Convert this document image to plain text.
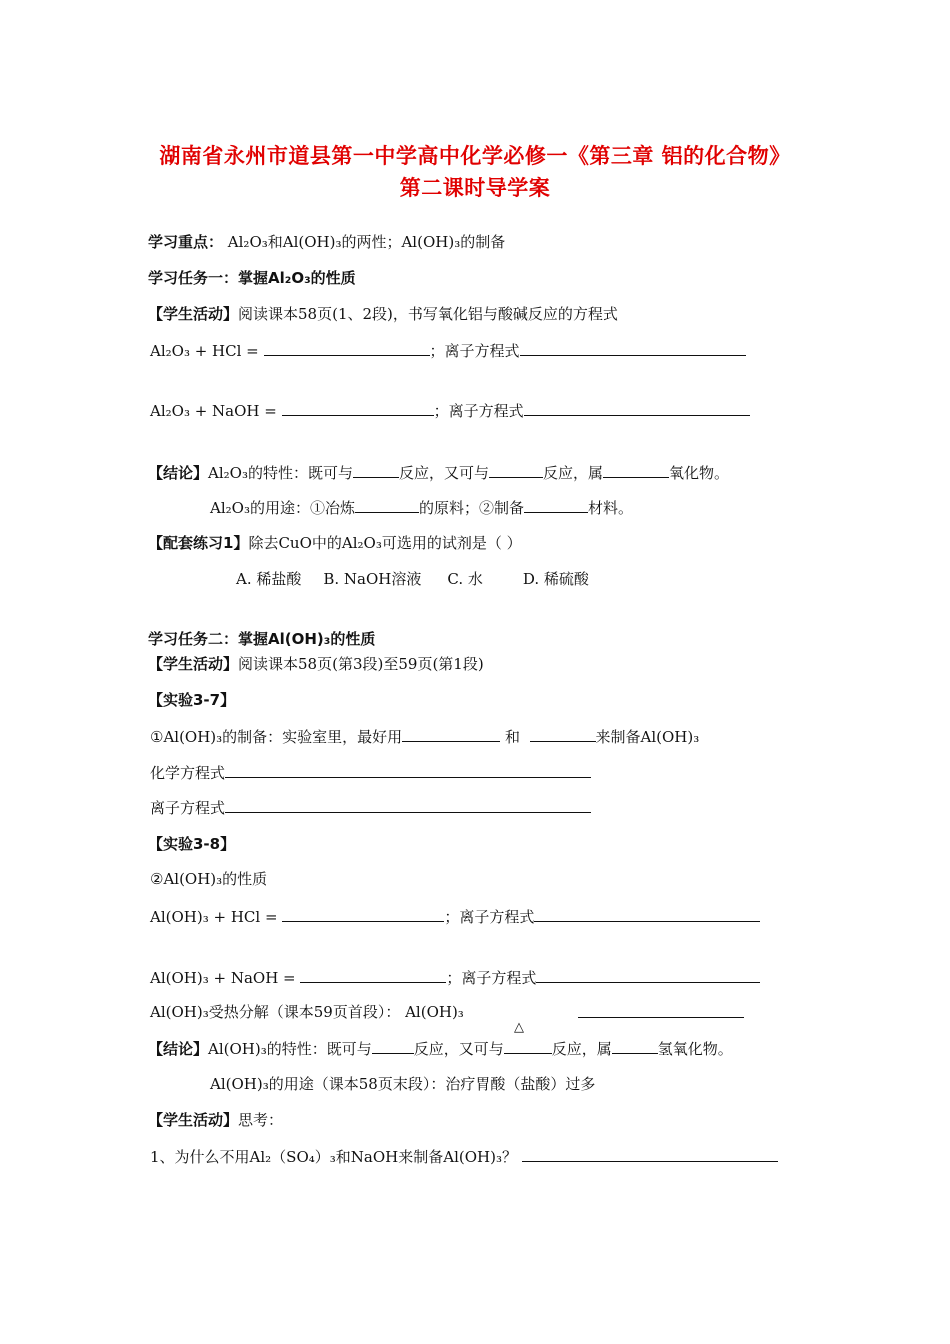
湖南省永州市道县第一中学高中化学必修一《第三章 铝的化合物》
第二课时导学案
学习重点： Al₂O₃和Al(OH)₃的两性；Al(OH)₃的制备
学习任务一：掌握Al₂O₃的性质
【学生活动】阅读课本58页(1、2段)，书写氧化铝与酸碱反应的方程式
Al₂O₃ + HCl =	；离子方程式
Al₂O₃ + NaOH =	；离子方程式
【结论】Al₂O₃的特性：既可与	反应，又可与	反应，属	氧化物。
Al₂O₃的用途：①冶炼	的原料；②制备	材料。
【配套练习1】除去CuO中的Al₂O₃可选用的试剂是（ ）
A. 稀盐酸 B. NaOH溶液 C. 水	D. 稀硫酸
学习任务二：掌握Al(OH)₃的性质
【学生活动】阅读课本58页(第3段)至59页(第1段)
【实验3-7】
①Al(OH)₃的制备：实验室里，最好用	和	来制备Al(OH)₃
化学方程式
离子方程式
【实验3-8】
②Al(OH)₃的性质
Al(OH)₃ + HCl =	；离子方程式
Al(OH)₃ + NaOH =	；离子方程式
Al(OH)₃受热分解（课本59页首段）： Al(OH)₃
△
【结论】Al(OH)₃的特性：既可与	反应，又可与	反应，属	氢氧化物。
Al(OH)₃的用途（课本58页末段）：治疗胃酸（盐酸）过多
【学生活动】思考：
1、为什么不用Al₂（SO₄）₃和NaOH来制备Al(OH)₃？
